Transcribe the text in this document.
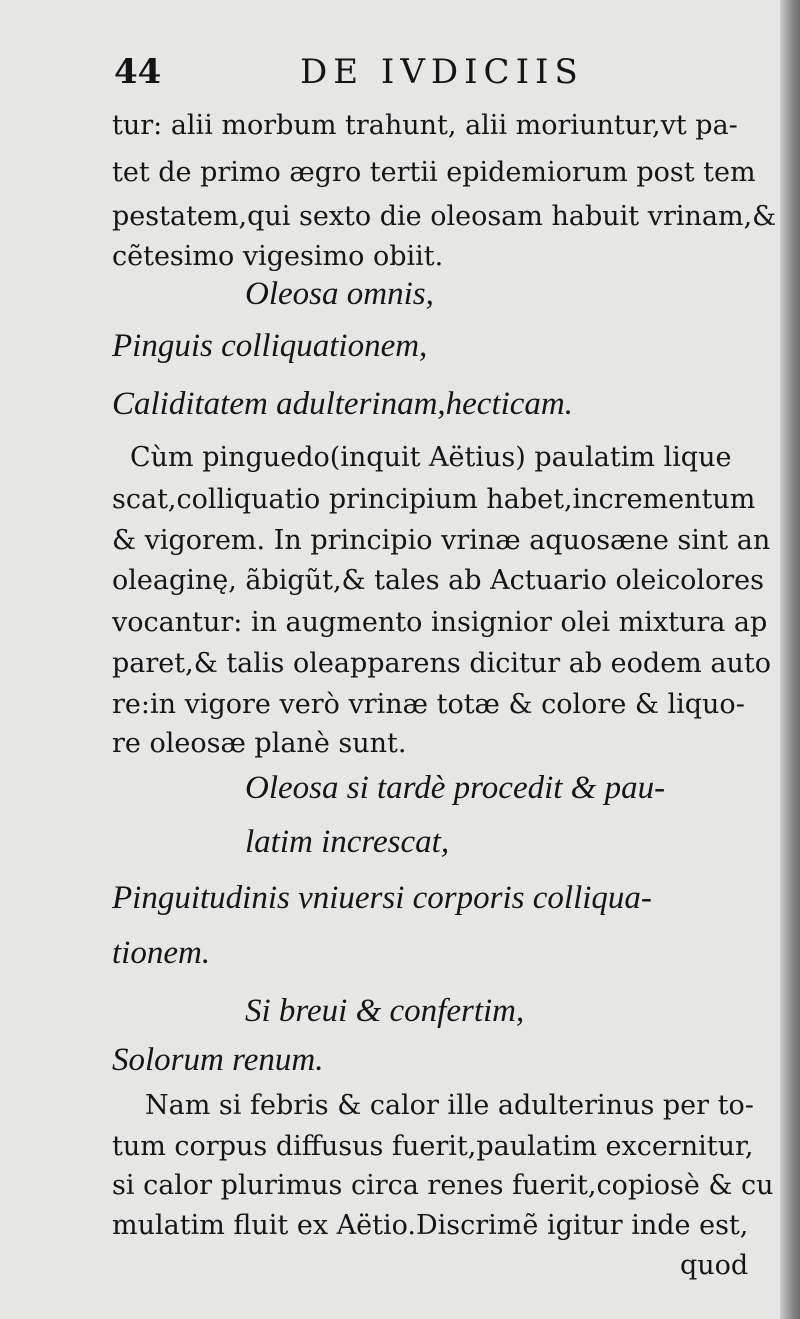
44	DE IVDICIIS
tur: alii morbum trahunt, alii moriuntur,vt pa-
tet de primo ægro tertii epidemiorum post tem
pestatem,qui sexto die oleosam habuit vrinam,&
cẽtesimo vigesimo obiit.
Oleosa omnis,
Pinguis colliquationem,
Caliditatem adulterinam,hecticam.
Cùm pinguedo(inquit Aëtius) paulatim lique
scat,colliquatio principium habet,incrementum
& vigorem. In principio vrinæ aquosæne sint an
oleaginę, ãbigũt,& tales ab Actuario oleicolores
vocantur: in augmento insignior olei mixtura ap
paret,& talis oleapparens dicitur ab eodem auto
re:in vigore verò vrinæ totæ & colore & liquo-
re oleosæ planè sunt.
Oleosa si tardè procedit & pau-
latim increscat,
Pinguitudinis vniuersi corporis colliqua-
tionem.
Si breui & confertim,
Solorum renum.
Nam si febris & calor ille adulterinus per to-
tum corpus diffusus fuerit,paulatim excernitur,
si calor plurimus circa renes fuerit,copiosè & cu
mulatim fluit ex Aëtio.Discrimẽ igitur inde est,
quod
